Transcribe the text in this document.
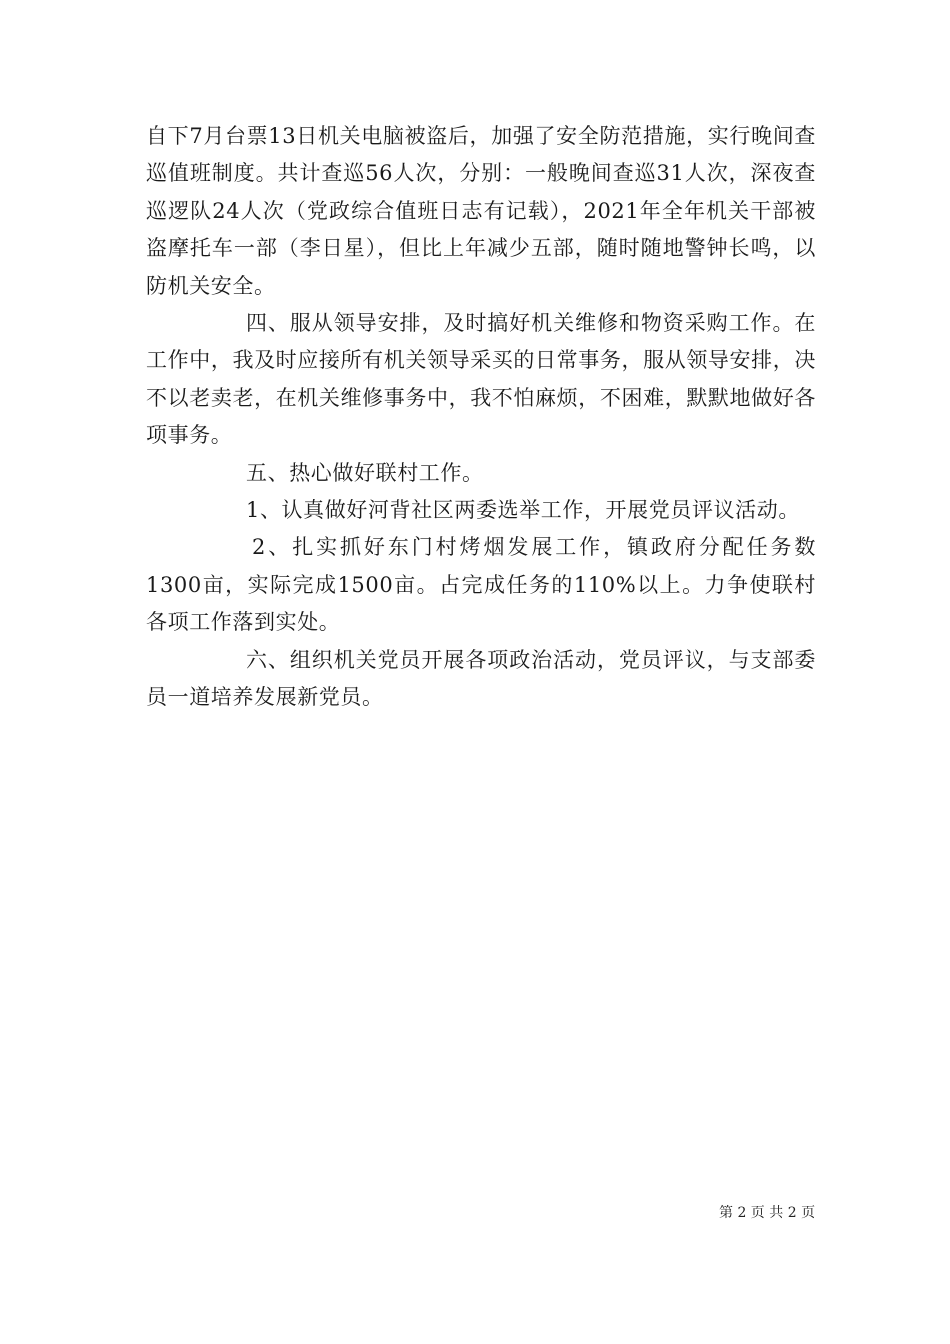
自下7月台票13日机关电脑被盗后，加强了安全防范措施，实行晚间查巡值班制度。共计查巡56人次，分别：一般晚间查巡31人次，深夜查巡逻队24人次（党政综合值班日志有记载），2021年全年机关干部被盗摩托车一部（李日星），但比上年减少五部，随时随地警钟长鸣，以防机关安全。

四、服从领导安排，及时搞好机关维修和物资采购工作。在工作中，我及时应接所有机关领导采买的日常事务，服从领导安排，决不以老卖老，在机关维修事务中，我不怕麻烦，不困难，默默地做好各项事务。

五、热心做好联村工作。

1、认真做好河背社区两委选举工作，开展党员评议活动。

2、扎实抓好东门村烤烟发展工作，镇政府分配任务数1300亩，实际完成1500亩。占完成任务的110%以上。力争使联村各项工作落到实处。

六、组织机关党员开展各项政治活动，党员评议，与支部委员一道培养发展新党员。

第 2 页 共 2 页
